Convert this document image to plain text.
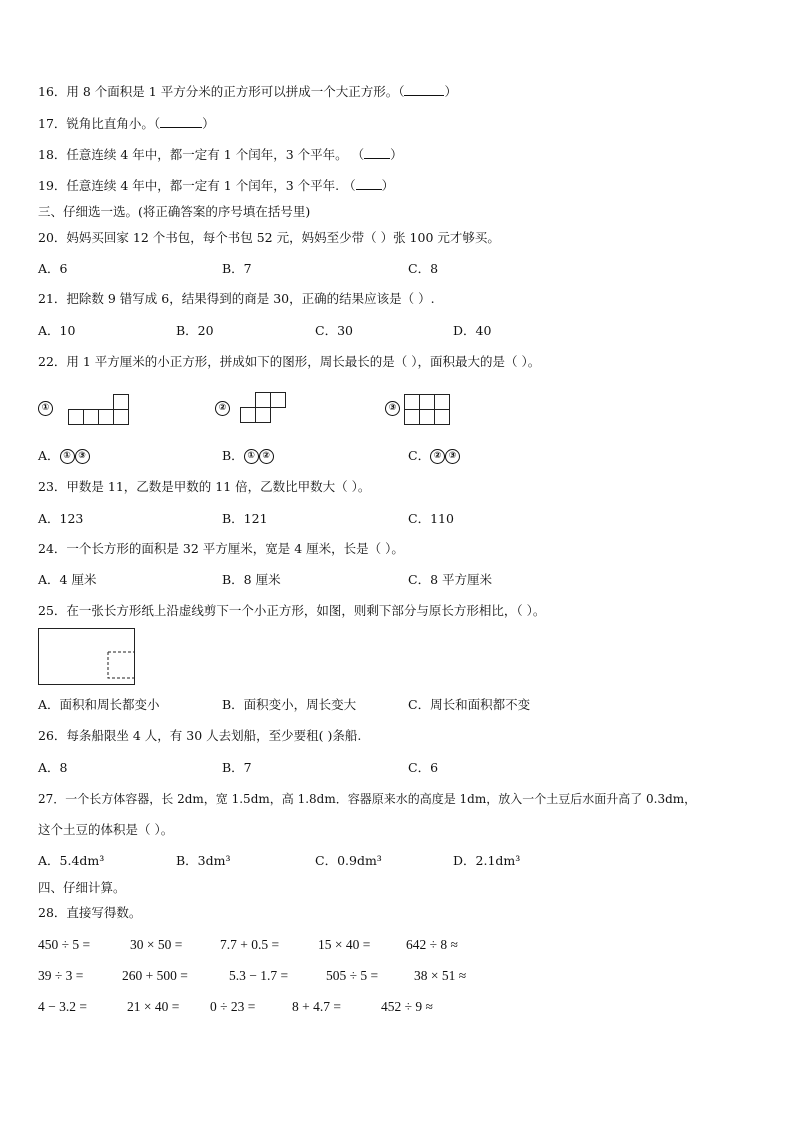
16．用 8 个面积是 1 平方分米的正方形可以拼成一个大正方形。（	）
17．锐角比直角小。（	）
18．任意连续 4 年中，都一定有 1 个闰年，3 个平年。 （ ）
19．任意连续 4 年中，都一定有 1 个闰年，3 个平年. （ ）
三、仔细选一选。(将正确答案的序号填在括号里)
20．妈妈买回家 12 个书包，每个书包 52 元，妈妈至少带（ ）张 100 元才够买。
A．6	B．7	C．8
21．把除数 9 错写成 6，结果得到的商是 30，正确的结果应该是（ ）.
A．10	B．20	C．30	D．40
22．用 1 平方厘米的小正方形，拼成如下的图形，周长最长的是（ ），面积最大的是（ ）。
①	②	③
A． ① ③	B． ① ②	C． ② ③
23．甲数是 11，乙数是甲数的 11 倍，乙数比甲数大（ ）。
A．123	B．121	C．110
24．一个长方形的面积是 32 平方厘米，宽是 4 厘米，长是（ ）。
A．4 厘米	B．8 厘米	C．8 平方厘米
25．在一张长方形纸上沿虚线剪下一个小正方形，如图，则剩下部分与原长方形相比，（ ）。
A．面积和周长都变小	B．面积变小，周长变大	C．周长和面积都不变
26．每条船限坐 4 人，有 30 人去划船，至少要租( )条船.
A．8	B．7	C．6
27．一个长方体容器，长 2dm，宽 1.5dm，高 1.8dm．容器原来水的高度是 1dm，放入一个土豆后水面升高了 0.3dm，
这个土豆的体积是（ ）。
A．5.4dm³	B．3dm³	C．0.9dm³	D．2.1dm³
四、仔细计算。
28．直接写得数。
450 ÷ 5 =	30 × 50 =	7.7 + 0.5 =	15 × 40 =	642 ÷ 8 ≈
39 ÷ 3 =	260 + 500 =	5.3 − 1.7 =	505 ÷ 5 =	38 × 51 ≈
4 − 3.2 =	21 × 40 = 0 ÷ 23 =	8 + 4.7 =	452 ÷ 9 ≈
